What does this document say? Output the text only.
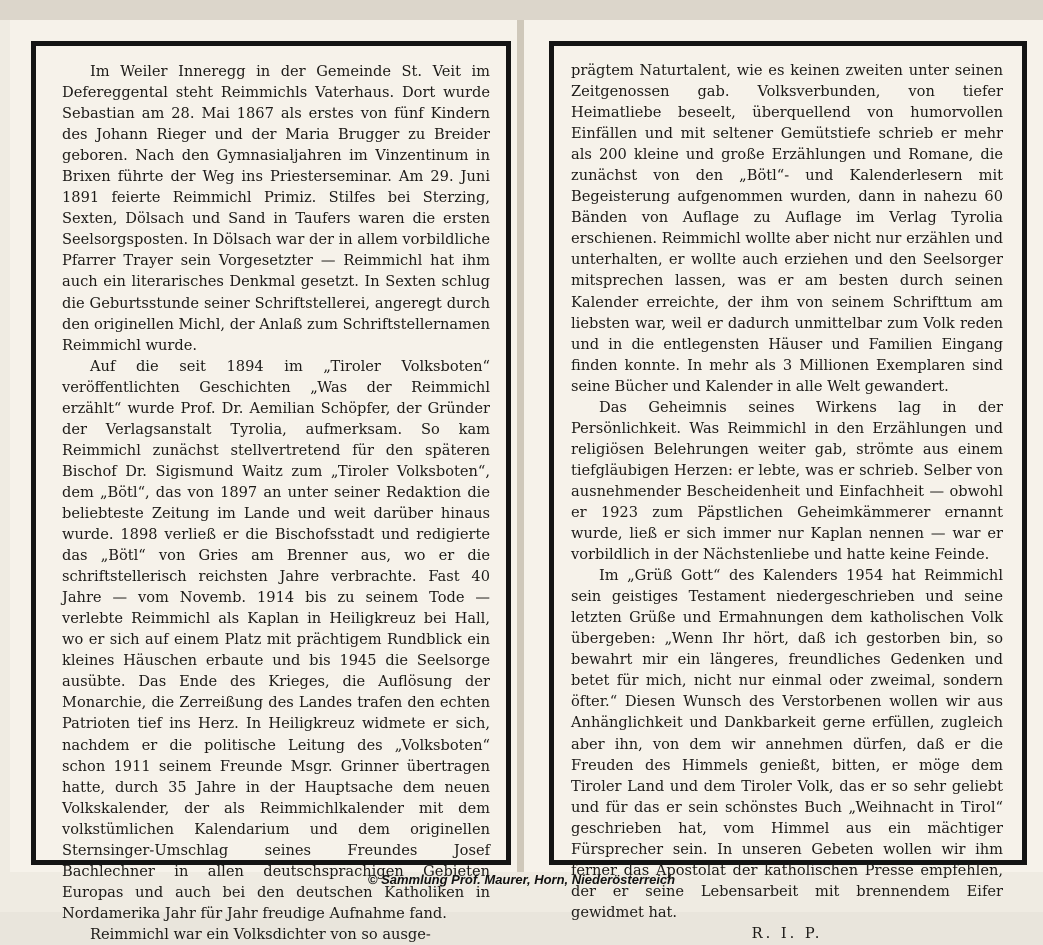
Im Weiler Inneregg in der Gemeinde St. Veit im Defereggental steht Reimmichls Vaterhaus. Dort wurde Sebastian am 28. Mai 1867 als erstes von fünf Kindern des Johann Rieger und der Maria Brugger zu Breider geboren. Nach den Gymnasialjahren im Vinzentinum in Brixen führte der Weg ins Priesterseminar. Am 29. Juni 1891 feierte Reimmichl Primiz. Stilfes bei Sterzing, Sexten, Dölsach und Sand in Taufers waren die ersten Seelsorgsposten. In Dölsach war der in allem vorbildliche Pfarrer Trayer sein Vorgesetzter — Reimmichl hat ihm auch ein literarisches Denkmal gesetzt. In Sexten schlug die Geburtsstunde seiner Schriftstellerei, angeregt durch den originellen Michl, der Anlaß zum Schriftstellernamen Reimmichl wurde.

Auf die seit 1894 im „Tiroler Volksboten“ veröffentlichten Geschichten „Was der Reimmichl erzählt“ wurde Prof. Dr. Aemilian Schöpfer, der Gründer der Verlagsanstalt Tyrolia, aufmerksam. So kam Reimmichl zunächst stellvertretend für den späteren Bischof Dr. Sigismund Waitz zum „Tiroler Volksboten“, dem „Bötl“, das von 1897 an unter seiner Redaktion die beliebteste Zeitung im Lande und weit darüber hinaus wurde. 1898 verließ er die Bischofsstadt und redigierte das „Bötl“ von Gries am Brenner aus, wo er die schriftstellerisch reichsten Jahre verbrachte. Fast 40 Jahre — vom Novemb. 1914 bis zu seinem Tode — verlebte Reimmichl als Kaplan in Heiligkreuz bei Hall, wo er sich auf einem Platz mit prächtigem Rundblick ein kleines Häuschen erbaute und bis 1945 die Seelsorge ausübte. Das Ende des Krieges, die Auflösung der Monarchie, die Zerreißung des Landes trafen den echten Patrioten tief ins Herz. In Heiligkreuz widmete er sich, nachdem er die politische Leitung des „Volksboten“ schon 1911 seinem Freunde Msgr. Grinner übertragen hatte, durch 35 Jahre in der Hauptsache dem neuen Volkskalender, der als Reimmichlkalender mit dem volkstümlichen Kalendarium und dem originellen Sternsinger-Umschlag seines Freundes Josef Bachlechner in allen deutschsprachigen Gebieten Europas und auch bei den deutschen Katholiken in Nordamerika Jahr für Jahr freudige Aufnahme fand.

Reimmichl war ein Volksdichter von so ausge-

prägtem Naturtalent, wie es keinen zweiten unter seinen Zeitgenossen gab. Volksverbunden, von tiefer Heimatliebe beseelt, überquellend von humorvollen Einfällen und mit seltener Gemütstiefe schrieb er mehr als 200 kleine und große Erzählungen und Romane, die zunächst von den „Bötl“- und Kalenderlesern mit Begeisterung aufgenommen wurden, dann in nahezu 60 Bänden von Auflage zu Auflage im Verlag Tyrolia erschienen. Reimmichl wollte aber nicht nur erzählen und unterhalten, er wollte auch erziehen und den Seelsorger mitsprechen lassen, was er am besten durch seinen Kalender erreichte, der ihm von seinem Schrifttum am liebsten war, weil er dadurch unmittelbar zum Volk reden und in die entlegensten Häuser und Familien Eingang finden konnte. In mehr als 3 Millionen Exemplaren sind seine Bücher und Kalender in alle Welt gewandert.

Das Geheimnis seines Wirkens lag in der Persönlichkeit. Was Reimmichl in den Erzählungen und religiösen Belehrungen weiter gab, strömte aus einem tiefgläubigen Herzen: er lebte, was er schrieb. Selber von ausnehmender Bescheidenheit und Einfachheit — obwohl er 1923 zum Päpstlichen Geheimkämmerer ernannt wurde, ließ er sich immer nur Kaplan nennen — war er vorbildlich in der Nächstenliebe und hatte keine Feinde.

Im „Grüß Gott“ des Kalenders 1954 hat Reimmichl sein geistiges Testament niedergeschrieben und seine letzten Grüße und Ermahnungen dem katholischen Volk übergeben: „Wenn Ihr hört, daß ich gestorben bin, so bewahrt mir ein längeres, freundliches Gedenken und betet für mich, nicht nur einmal oder zweimal, sondern öfter.“ Diesen Wunsch des Verstorbenen wollen wir aus Anhänglichkeit und Dankbarkeit gerne erfüllen, zugleich aber ihn, von dem wir annehmen dürfen, daß er die Freuden des Himmels genießt, bitten, er möge dem Tiroler Land und dem Tiroler Volk, das er so sehr geliebt und für das er sein schönstes Buch „Weihnacht in Tirol“ geschrieben hat, vom Himmel aus ein mächtiger Fürsprecher sein. In unseren Gebeten wollen wir ihm ferner das Apostolat der katholischen Presse empfehlen, der er seine Lebensarbeit mit brennendem Eifer gewidmet hat.

R. I. P.

© Sammlung Prof. Maurer, Horn, Niederösterreich
